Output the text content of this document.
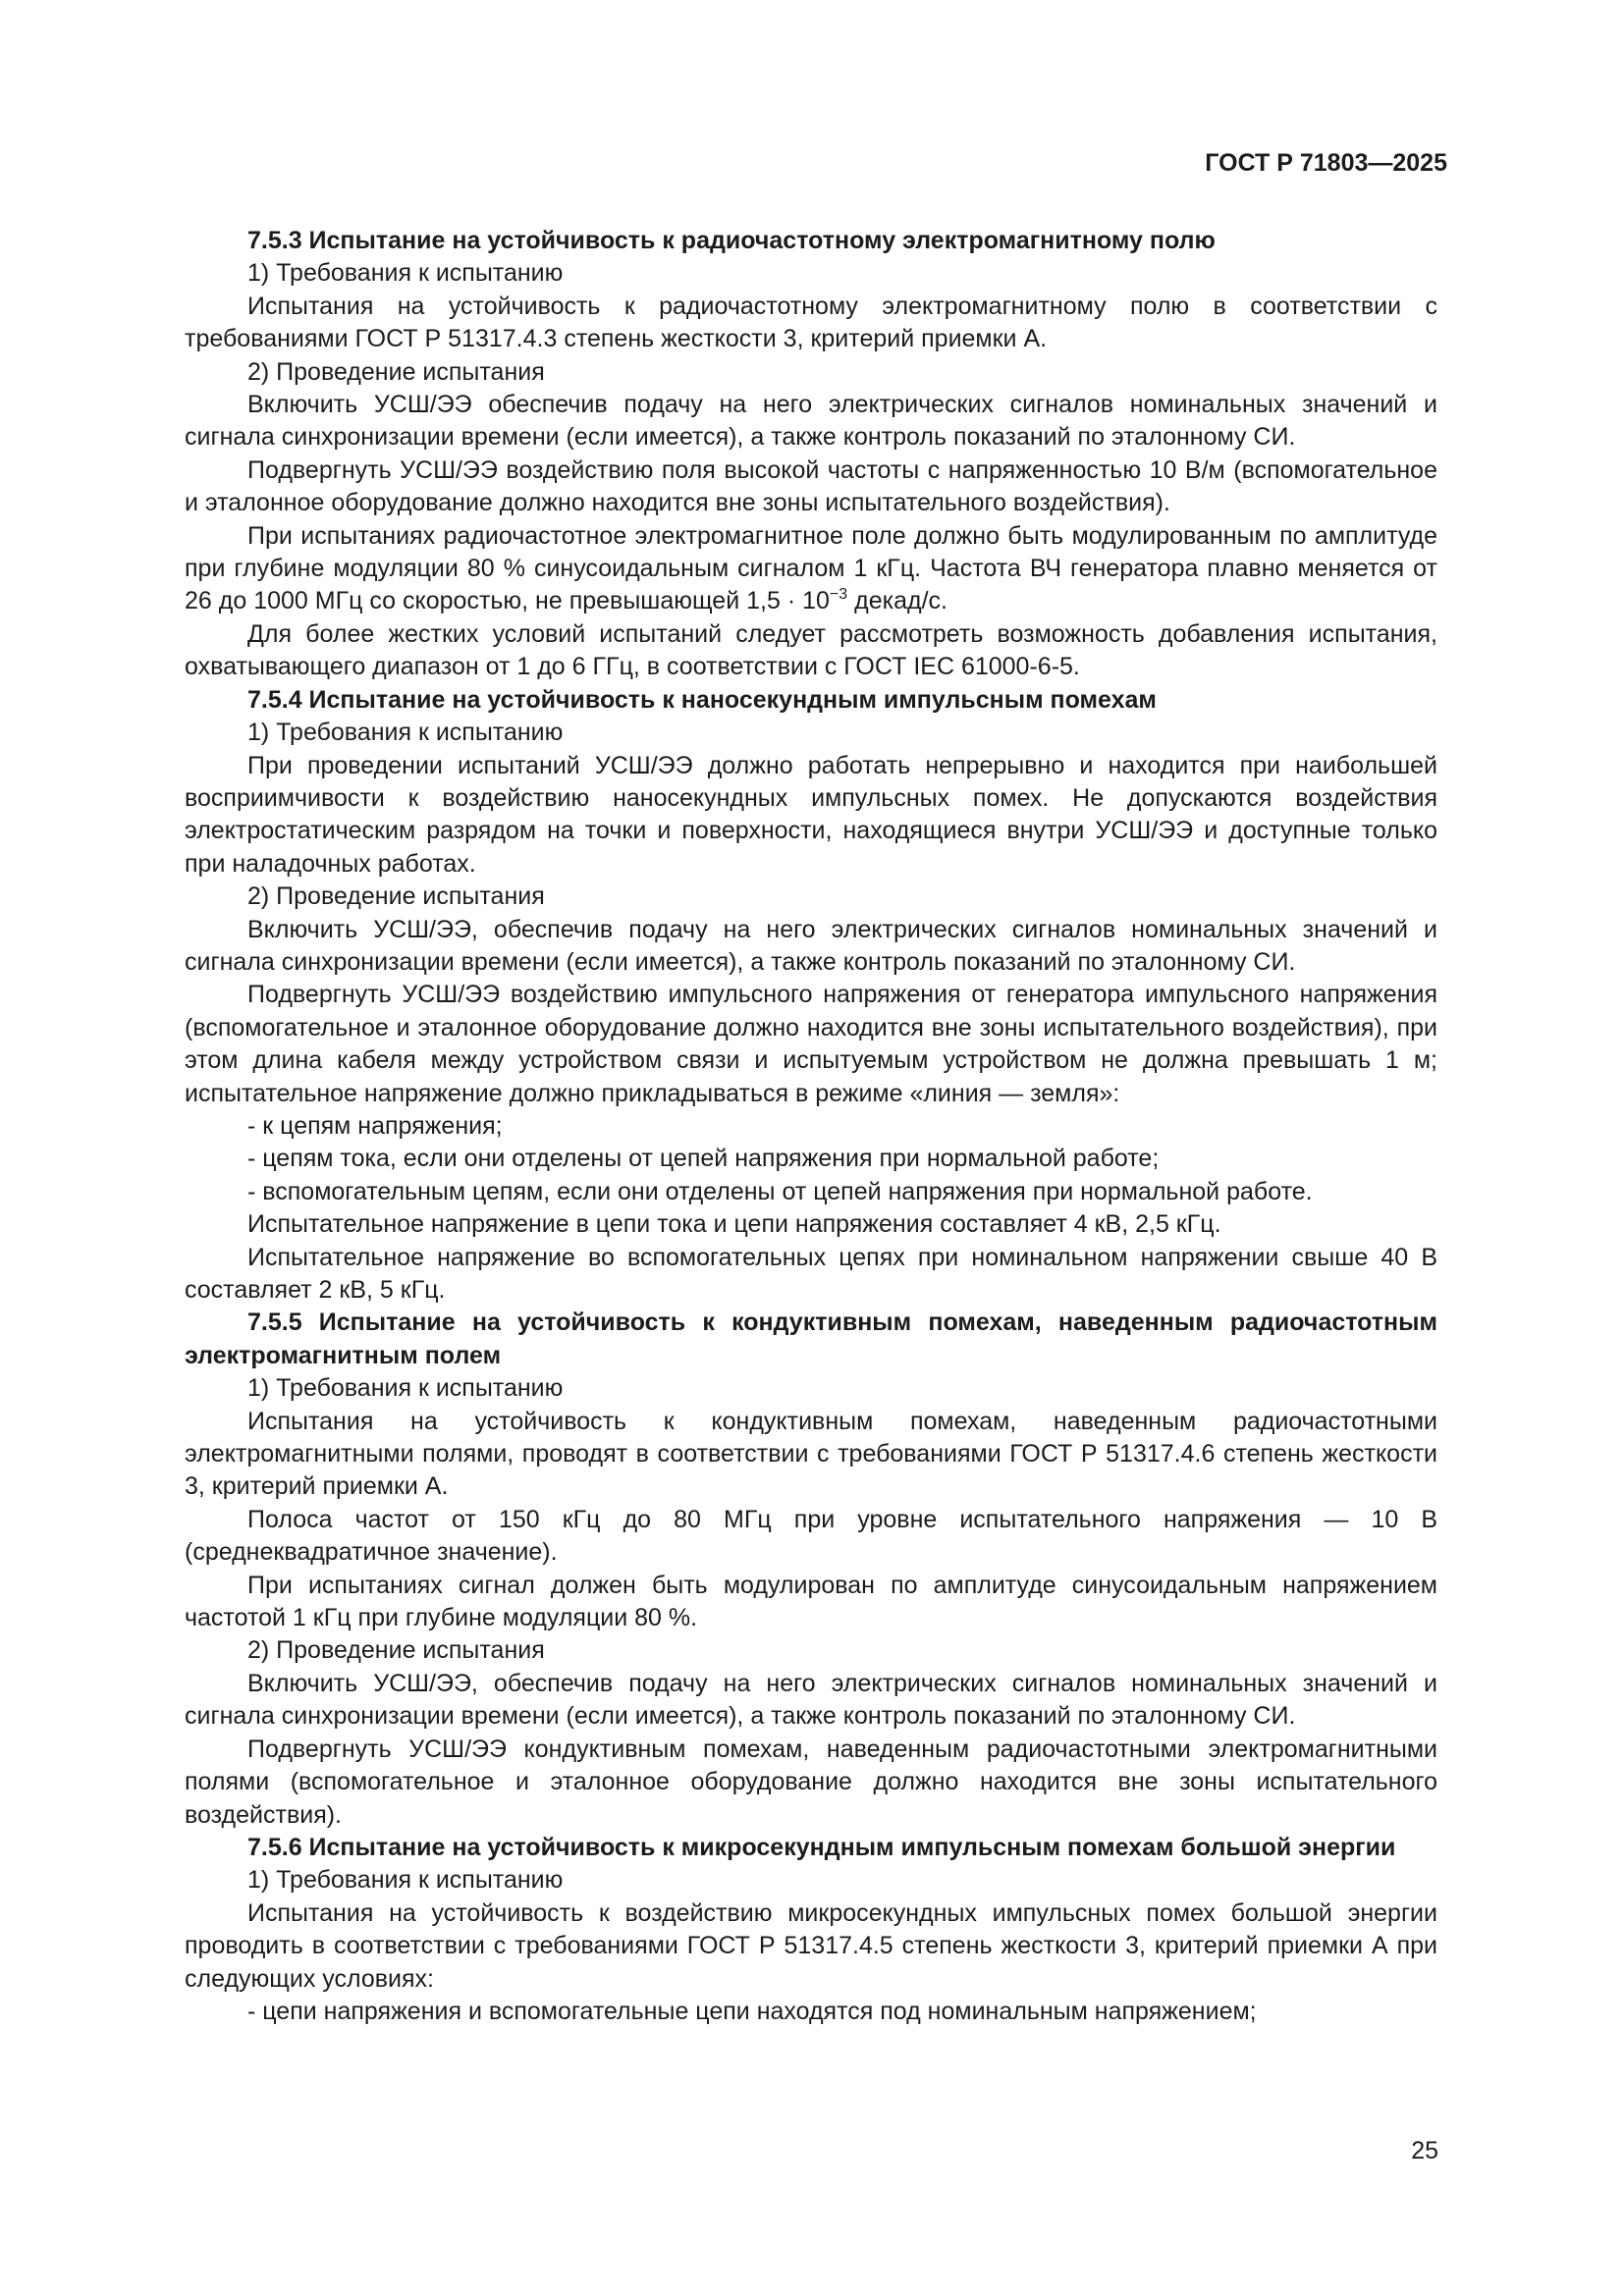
ГОСТ Р 71803—2025

7.5.3 Испытание на устойчивость к радиочастотному электромагнитному полю

1) Требования к испытанию

Испытания на устойчивость к радиочастотному электромагнитному полю в соответствии с требованиями ГОСТ Р 51317.4.3 степень жесткости 3, критерий приемки А.

2) Проведение испытания

Включить УСШ/ЭЭ обеспечив подачу на него электрических сигналов номинальных значений и сигнала синхронизации времени (если имеется), а также контроль показаний по эталонному СИ.

Подвергнуть УСШ/ЭЭ воздействию поля высокой частоты с напряженностью 10 В/м (вспомогательное и эталонное оборудование должно находится вне зоны испытательного воздействия).

При испытаниях радиочастотное электромагнитное поле должно быть модулированным по амплитуде при глубине модуляции 80 % синусоидальным сигналом 1 кГц. Частота ВЧ генератора плавно меняется от 26 до 1000 МГц со скоростью, не превышающей $1,5 \cdot 10^{-3}$ декад/с.

Для более жестких условий испытаний следует рассмотреть возможность добавления испытания, охватывающего диапазон от 1 до 6 ГГц, в соответствии с ГОСТ IEC 61000-6-5.

7.5.4 Испытание на устойчивость к наносекундным импульсным помехам

1) Требования к испытанию

При проведении испытаний УСШ/ЭЭ должно работать непрерывно и находится при наибольшей восприимчивости к воздействию наносекундных импульсных помех. Не допускаются воздействия электростатическим разрядом на точки и поверхности, находящиеся внутри УСШ/ЭЭ и доступные только при наладочных работах.

2) Проведение испытания

Включить УСШ/ЭЭ, обеспечив подачу на него электрических сигналов номинальных значений и сигнала синхронизации времени (если имеется), а также контроль показаний по эталонному СИ.

Подвергнуть УСШ/ЭЭ воздействию импульсного напряжения от генератора импульсного напряжения (вспомогательное и эталонное оборудование должно находится вне зоны испытательного воздействия), при этом длина кабеля между устройством связи и испытуемым устройством не должна превышать 1 м; испытательное напряжение должно прикладываться в режиме «линия — земля»:

- к цепям напряжения;

- цепям тока, если они отделены от цепей напряжения при нормальной работе;

- вспомогательным цепям, если они отделены от цепей напряжения при нормальной работе.

Испытательное напряжение в цепи тока и цепи напряжения составляет 4 кВ, 2,5 кГц.

Испытательное напряжение во вспомогательных цепях при номинальном напряжении свыше 40 В составляет 2 кВ, 5 кГц.

7.5.5 Испытание на устойчивость к кондуктивным помехам, наведенным радиочастотным электромагнитным полем

1) Требования к испытанию

Испытания на устойчивость к кондуктивным помехам, наведенным радиочастотными электромагнитными полями, проводят в соответствии с требованиями ГОСТ Р 51317.4.6 степень жесткости 3, критерий приемки А.

Полоса частот от 150 кГц до 80 МГц при уровне испытательного напряжения — 10 В (среднеквадратичное значение).

При испытаниях сигнал должен быть модулирован по амплитуде синусоидальным напряжением частотой 1 кГц при глубине модуляции 80 %.

2) Проведение испытания

Включить УСШ/ЭЭ, обеспечив подачу на него электрических сигналов номинальных значений и сигнала синхронизации времени (если имеется), а также контроль показаний по эталонному СИ.

Подвергнуть УСШ/ЭЭ кондуктивным помехам, наведенным радиочастотными электромагнитными полями (вспомогательное и эталонное оборудование должно находится вне зоны испытательного воздействия).

7.5.6 Испытание на устойчивость к микросекундным импульсным помехам большой энергии

1) Требования к испытанию

Испытания на устойчивость к воздействию микросекундных импульсных помех большой энергии проводить в соответствии с требованиями ГОСТ Р 51317.4.5 степень жесткости 3, критерий приемки А при следующих условиях:

- цепи напряжения и вспомогательные цепи находятся под номинальным напряжением;

25
